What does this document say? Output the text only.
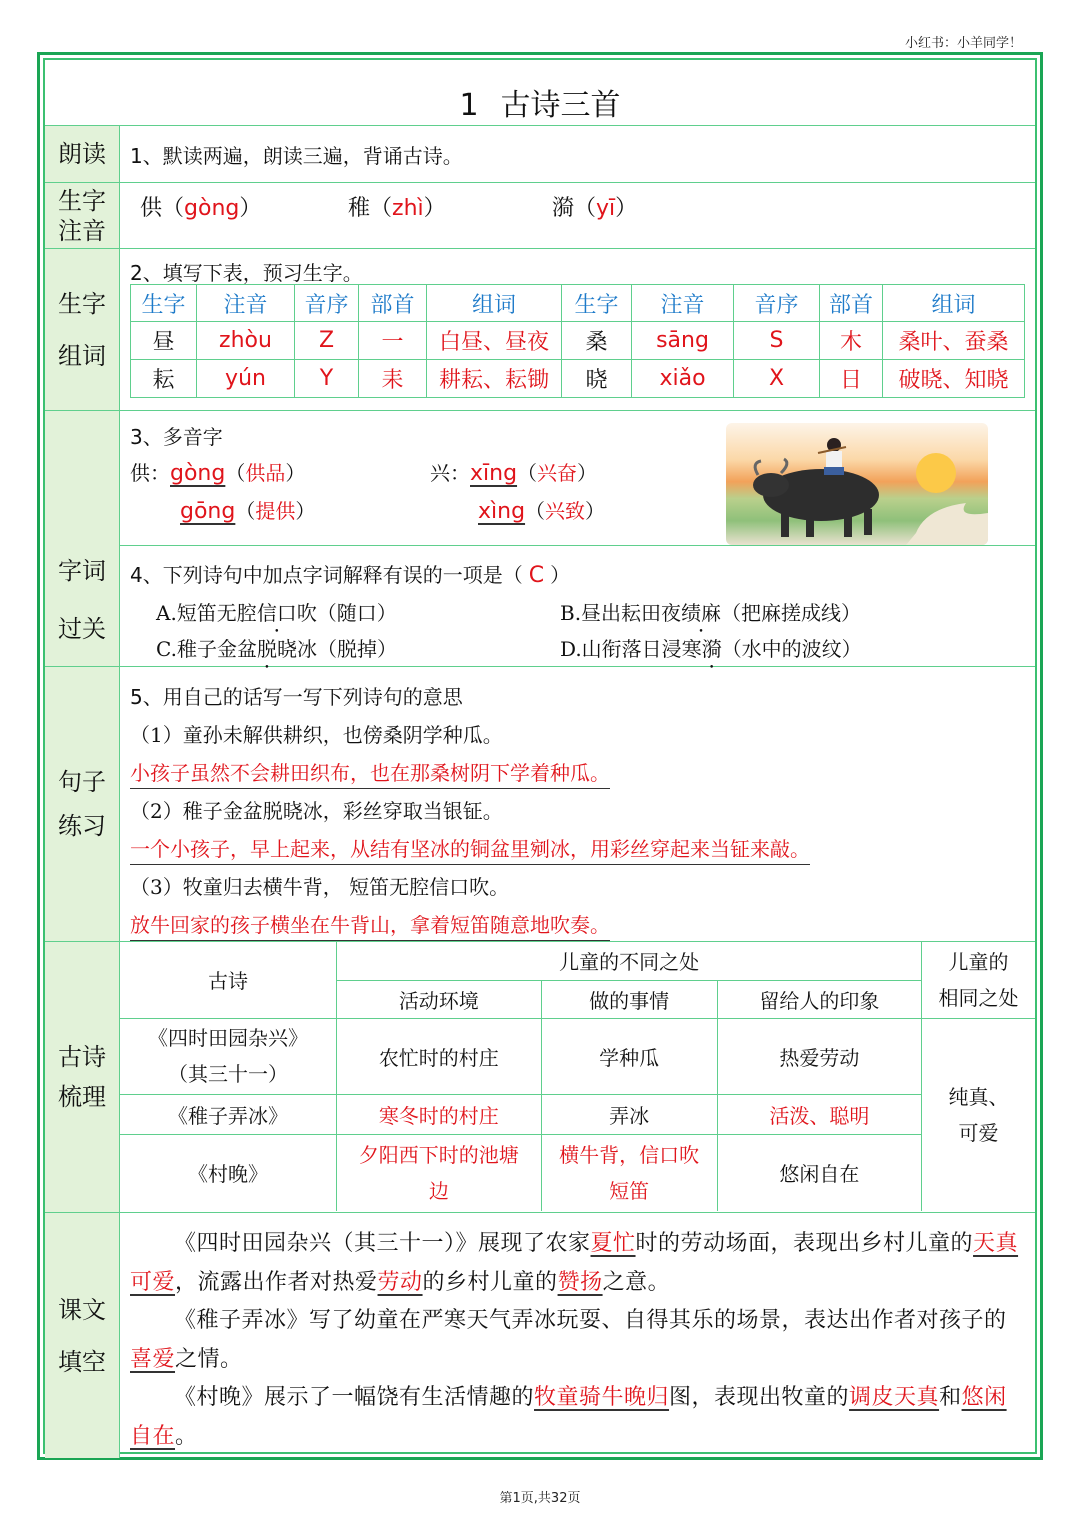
小红书：小羊同学！
1 古诗三首
朗读 1、默读两遍，朗读三遍，背诵古诗。
生字
注音
供（gòng）	稚（zhì）	漪（yī）
生字
组词
2、填写下表，预习生字。
生字	注音	音序	部首	组词	生字	注音	音序	部首	组词
昼	zhòu	Z	一	白昼、昼夜	桑	sāng	S	木	桑叶、蚕桑
耘	yún	Y	耒	耕耘、耘锄	晓	xiǎo	X	日	破晓、知晓
字词
过关
3、多音字
供：gòng（供品）
gōng（提供）
兴：xīng（兴奋）
xìng（兴致）
4、下列诗句中加点字词解释有误的一项是（ C ）
A.短笛无腔信口吹（随口）	B.昼出耘田夜绩麻（把麻搓成线）
C.稚子金盆脱晓冰（脱掉）	D.山衔落日浸寒漪（水中的波纹）
句子
练习
5、用自己的话写一写下列诗句的意思
（1）童孙未解供耕织，也傍桑阴学种瓜。
小孩子虽然不会耕田织布，也在那桑树阴下学着种瓜。
（2）稚子金盆脱晓冰，彩丝穿取当银钲。
一个小孩子，早上起来，从结有坚冰的铜盆里剜冰，用彩丝穿起来当钲来敲。
（3）牧童归去横牛背， 短笛无腔信口吹。
放牛回家的孩子横坐在牛背山，拿着短笛随意地吹奏。
古诗
梳理
古诗	儿童的不同之处			儿童的
相同之处

	活动环境	做的事情	留给人的印象	

《四时田园杂兴》
（其三十一）
	农忙时的村庄	学种瓜	热爱劳动	
纯真、
可爱

《稚子弄冰》	寒冬时的村庄	弄冰	活泼、聪明	
《村晚》	夕阳西下时的池塘边	横牛背，信口吹短笛	悠闲自在	
课文
填空

《四时田园杂兴（其三十一）》展现了农家夏忙时的劳动场面，表现出乡村儿童的天真可爱，流露出作者对热爱劳动的乡村儿童的赞扬之意。

《稚子弄冰》写了幼童在严寒天气弄冰玩耍、自得其乐的场景，表达出作者对孩子的喜爱之情。

《村晚》展示了一幅饶有生活情趣的牧童骑牛晚归图，表现出牧童的调皮天真和悠闲自在。

第1页,共32页
